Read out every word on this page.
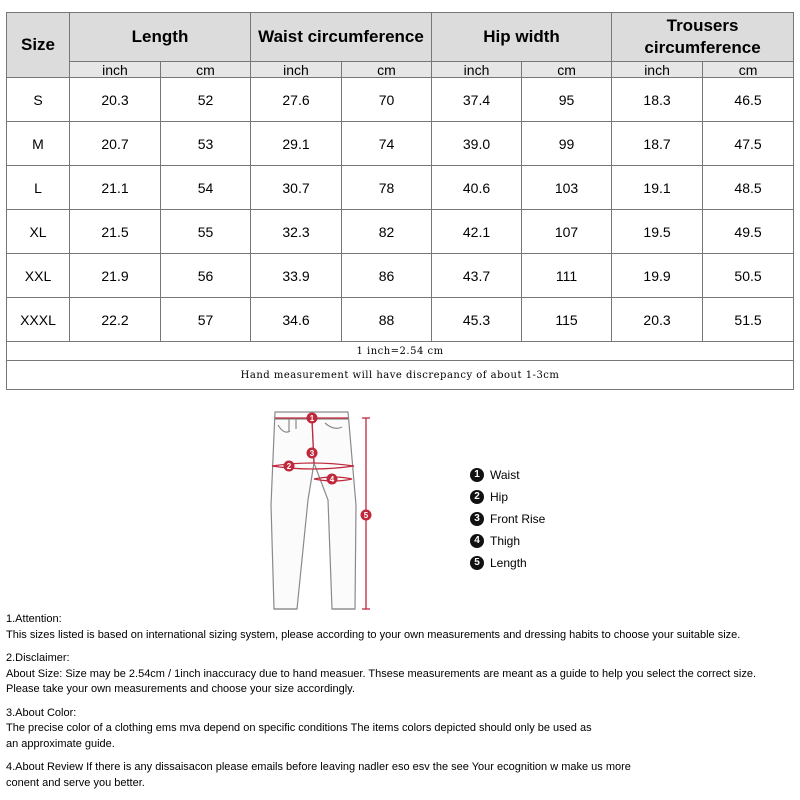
Size	Length		Waist circumference		Hip width		Trousers
circumference	
	inch	cm	inch	cm	inch	cm	inch	cm
S	20.3	52	27.6	70	37.4	95	18.3	46.5
M	20.7	53	29.1	74	39.0	99	18.7	47.5
L	21.1	54	30.7	78	40.6	103	19.1	48.5
XL	21.5	55	32.3	82	42.1	107	19.5	49.5
XXL	21.9	56	33.9	86	43.7	111	19.9	50.5
XXXL	22.2	57	34.6	88	45.3	115	20.3	51.5
1 inch=2.54 cm								
Hand measurement will have discrepancy of about 1-3cm								
1
2
3
4
5
1 Waist
2 Hip
3 Front Rise
4 Thigh
5 Length
1.Attention:
This sizes listed is based on international sizing system, please according to your own measurements and dressing habits to choose your suitable size.
2.Disclaimer:
About Size: Size may be 2.54cm / 1inch inaccuracy due to hand measuer. Thsese measurements are meant as a guide to help you select the correct size.
Please take your own measurements and choose your size accordingly.
3.About Color:
The precise color of a clothing ems mva depend on specific conditions The items colors depicted should only be used as
an approximate guide.
4.About Review If there is any dissaisacon please emails before leaving nadler eso esv the see Your ecognition w make us more
conent and serve you better.
